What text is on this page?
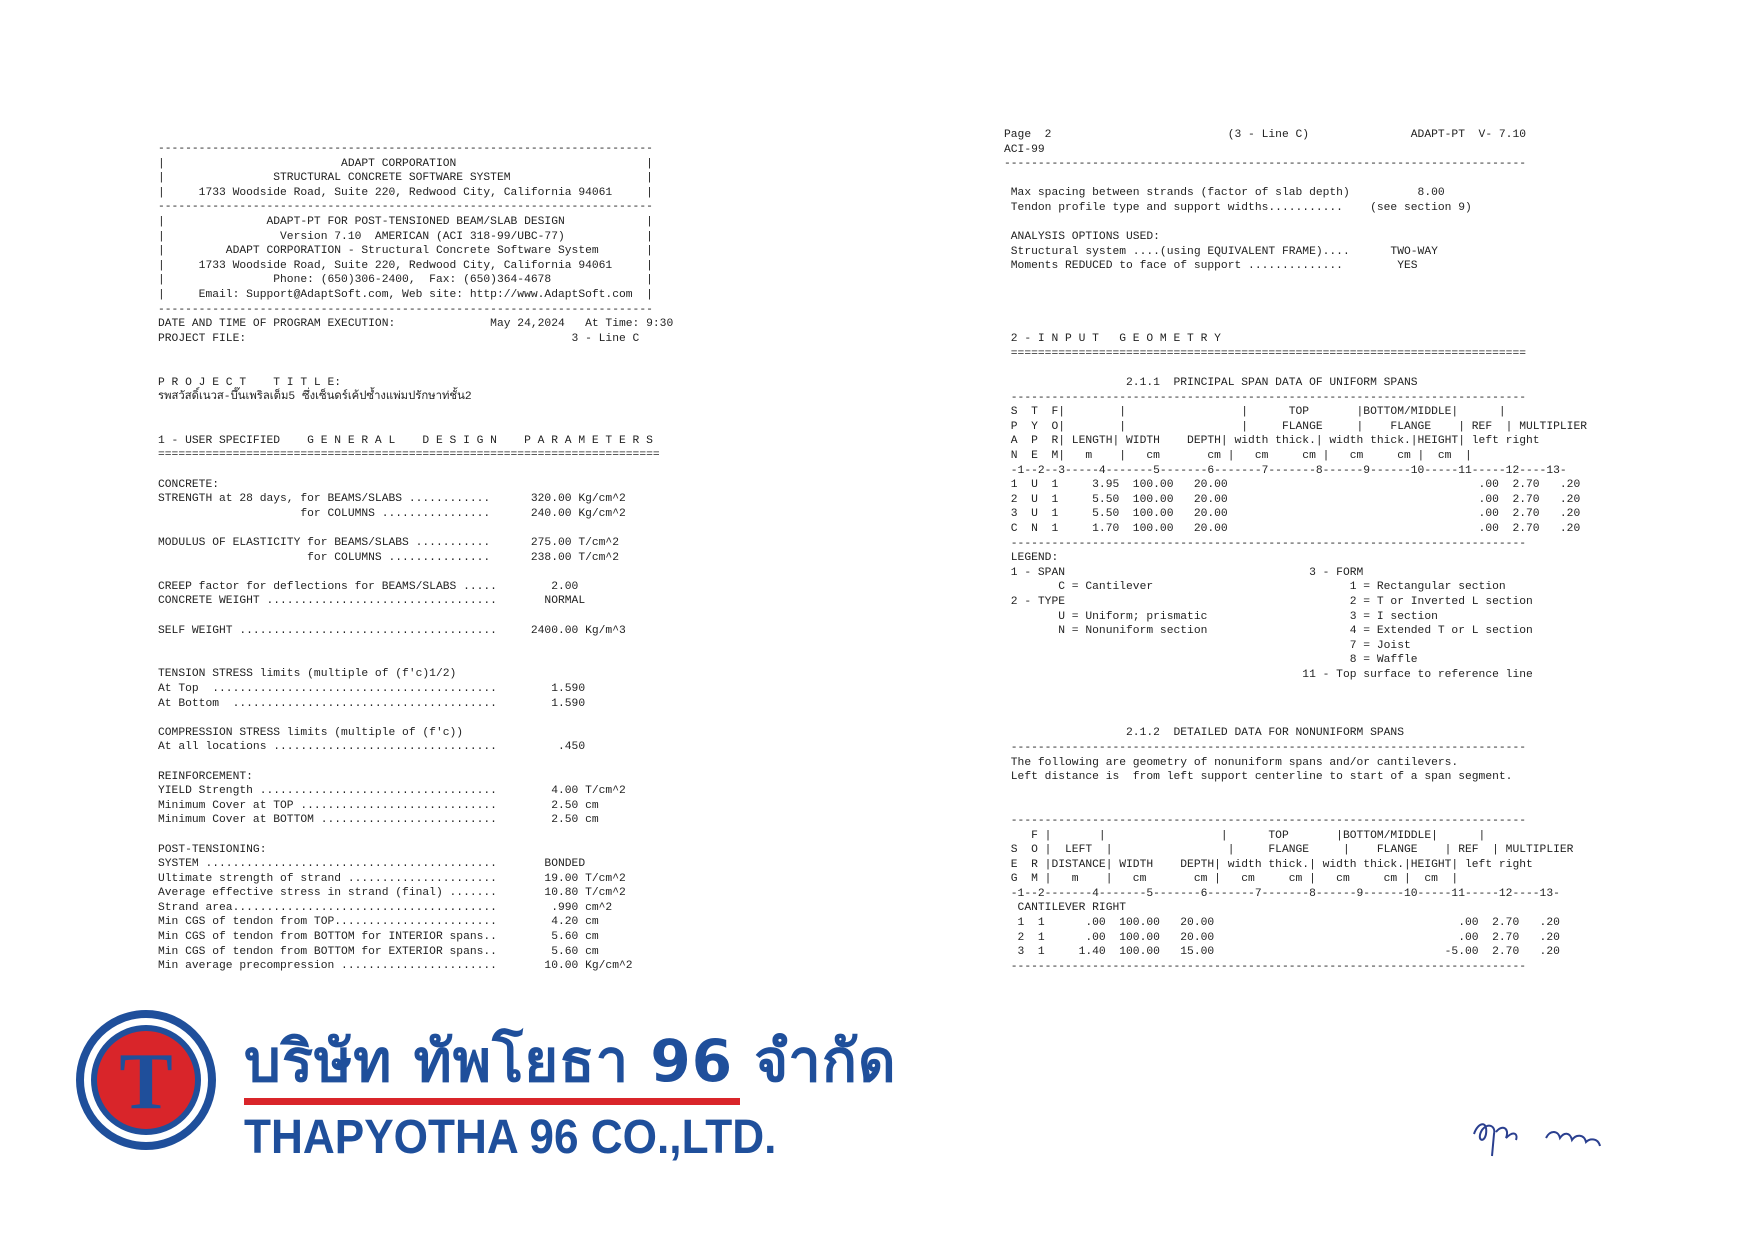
-------------------------------------------------------------------------
|                          ADAPT CORPORATION                            |
|                STRUCTURAL CONCRETE SOFTWARE SYSTEM                    |
|     1733 Woodside Road, Suite 220, Redwood City, California 94061     |
-------------------------------------------------------------------------
|               ADAPT-PT FOR POST-TENSIONED BEAM/SLAB DESIGN            |
|                 Version 7.10  AMERICAN (ACI 318-99/UBC-77)            |
|         ADAPT CORPORATION - Structural Concrete Software System       |
|     1733 Woodside Road, Suite 220, Redwood City, California 94061     |
|                Phone: (650)306-2400,  Fax: (650)364-4678              |
|     Email: Support@AdaptSoft.com, Web site: http://www.AdaptSoft.com  |
-------------------------------------------------------------------------
DATE AND TIME OF PROGRAM EXECUTION:              May 24,2024   At Time: 9:30
PROJECT FILE:                                                3 - Line C
P R O J E C T    T I T L E:
รพสวัสดิ์เนวส-บึ๊นเพริลเต็ม5 ซึ่งเซ็นดร์เค้ปซ้ำงแพ่มปรักษาท่ชั้น2
1 - USER SPECIFIED    G E N E R A L    D E S I G N    P A R A M E T E R S
==========================================================================
CONCRETE:
STRENGTH at 28 days, for BEAMS/SLABS ............      320.00 Kg/cm^2
for COLUMNS ................      240.00 Kg/cm^2
MODULUS OF ELASTICITY for BEAMS/SLABS ...........      275.00 T/cm^2
for COLUMNS ...............      238.00 T/cm^2
CREEP factor for deflections for BEAMS/SLABS .....        2.00
CONCRETE WEIGHT ..................................       NORMAL
SELF WEIGHT ......................................     2400.00 Kg/m^3
TENSION STRESS limits (multiple of (f'c)1/2)
At Top  ..........................................        1.590
At Bottom  .......................................        1.590
COMPRESSION STRESS limits (multiple of (f'c))
At all locations .................................         .450
REINFORCEMENT:
YIELD Strength ...................................        4.00 T/cm^2
Minimum Cover at TOP .............................        2.50 cm
Minimum Cover at BOTTOM ..........................        2.50 cm
POST-TENSIONING:
SYSTEM ...........................................       BONDED
Ultimate strength of strand ......................       19.00 T/cm^2
Average effective stress in strand (final) .......       10.80 T/cm^2
Strand area.......................................        .990 cm^2
Min CGS of tendon from TOP........................        4.20 cm
Min CGS of tendon from BOTTOM for INTERIOR spans..        5.60 cm
Min CGS of tendon from BOTTOM for EXTERIOR spans..        5.60 cm
Min average precompression .......................       10.00 Kg/cm^2
Page  2                          (3 - Line C)               ADAPT-PT  V- 7.10
ACI-99
-----------------------------------------------------------------------------
Max spacing between strands (factor of slab depth)          8.00
Tendon profile type and support widths...........    (see section 9)
ANALYSIS OPTIONS USED:
Structural system ....(using EQUIVALENT FRAME)....      TWO-WAY
Moments REDUCED to face of support ..............        YES
2 - I N P U T   G E O M E T R Y
============================================================================
2.1.1  PRINCIPAL SPAN DATA OF UNIFORM SPANS
----------------------------------------------------------------------------
S  T  F|        |                 |      TOP       |BOTTOM/MIDDLE|      |
P  Y  O|        |                 |     FLANGE     |    FLANGE    | REF  | MULTIPLIER
A  P  R| LENGTH| WIDTH    DEPTH| width thick.| width thick.|HEIGHT| left right
N  E  M|   m    |   cm       cm |   cm     cm |   cm     cm |  cm  |
-1--2--3-----4-------5-------6-------7-------8------9------10-----11-----12----13-
1  U  1     3.95  100.00   20.00                                     .00  2.70   .20
2  U  1     5.50  100.00   20.00                                     .00  2.70   .20
3  U  1     5.50  100.00   20.00                                     .00  2.70   .20
C  N  1     1.70  100.00   20.00                                     .00  2.70   .20
----------------------------------------------------------------------------
LEGEND:
1 - SPAN                                    3 - FORM
C = Cantilever                             1 = Rectangular section
2 - TYPE                                          2 = T or Inverted L section
U = Uniform; prismatic                     3 = I section
N = Nonuniform section                     4 = Extended T or L section
7 = Joist
8 = Waffle
11 - Top surface to reference line
2.1.2  DETAILED DATA FOR NONUNIFORM SPANS
----------------------------------------------------------------------------
The following are geometry of nonuniform spans and/or cantilevers.
Left distance is  from left support centerline to start of a span segment.
----------------------------------------------------------------------------
F |       |                 |      TOP       |BOTTOM/MIDDLE|      |
S  O |  LEFT  |                 |     FLANGE     |    FLANGE    | REF  | MULTIPLIER
E  R |DISTANCE| WIDTH    DEPTH| width thick.| width thick.|HEIGHT| left right
G  M |   m    |   cm       cm |   cm     cm |   cm     cm |  cm  |
-1--2-------4-------5-------6-------7-------8------9------10-----11-----12----13-
CANTILEVER RIGHT
1  1      .00  100.00   20.00                                    .00  2.70   .20
2  1      .00  100.00   20.00                                    .00  2.70   .20
3  1     1.40  100.00   15.00                                  -5.00  2.70   .20
----------------------------------------------------------------------------
T บริษัท ทัพโยธา 96 จำกัด
THAPYOTHA 96 CO.,LTD.
